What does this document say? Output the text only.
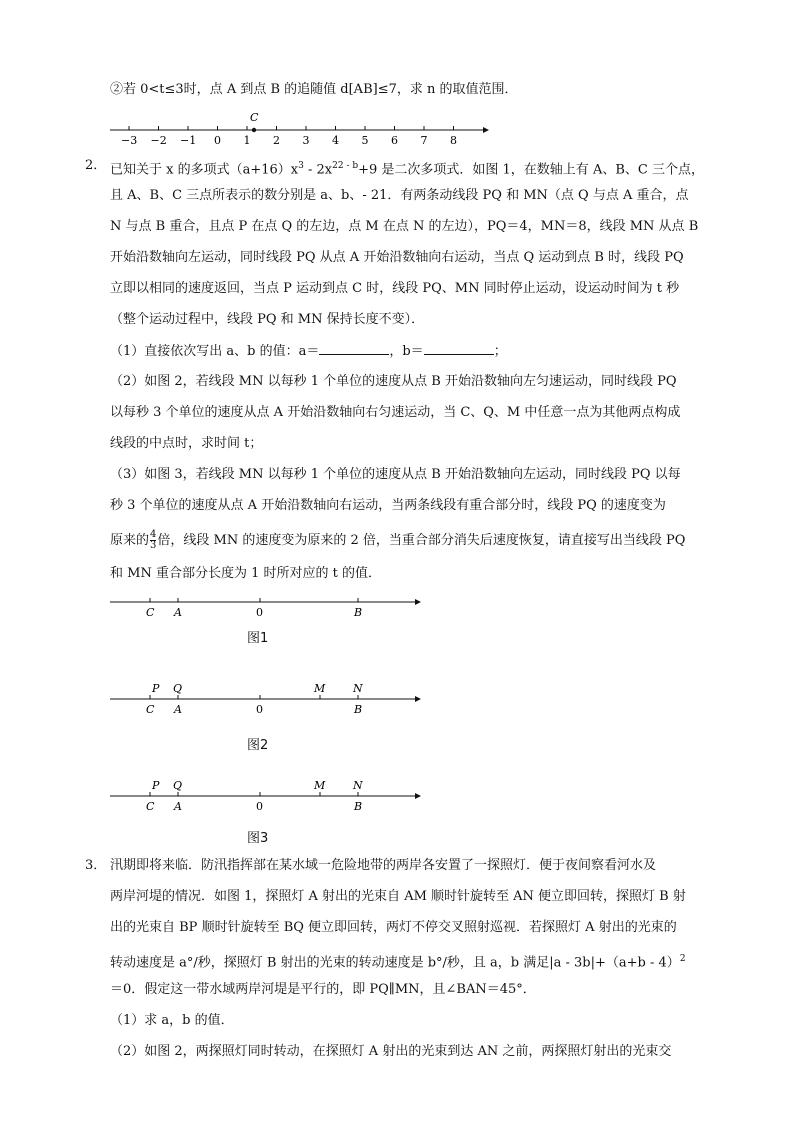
②若 0<t≤3时，点 A 到点 B 的追随值 d[AB]≤7，求 n 的取值范围．
−3 −2 −1 0 1 2 3 4 5 6 7 8
C
2． 已知关于 x 的多项式$(a+16)x^3 - 2x^{22 - b}+9$ 是二次多项式．如图 1，在数轴上有 A、B、C 三个点，
且 A、B、C 三点所表示的数分别是 a、b、- 21．有两条动线段 PQ 和 MN（点 Q 与点 A 重合，点
N 与点 B 重合，且点 P 在点 Q 的左边，点 M 在点 N 的左边），PQ＝4，MN＝8，线段 MN 从点 B
开始沿数轴向左运动，同时线段 PQ 从点 A 开始沿数轴向右运动，当点 Q 运动到点 B 时，线段 PQ
立即以相同的速度返回，当点 P 运动到点 C 时，线段 PQ、MN 同时停止运动，设运动时间为 t 秒
（整个运动过程中，线段 PQ 和 MN 保持长度不变）．
（1）直接依次写出 a、b 的值：a＝	，b＝	；
（2）如图 2，若线段 MN 以每秒 1 个单位的速度从点 B 开始沿数轴向左匀速运动，同时线段 PQ
以每秒 3 个单位的速度从点 A 开始沿数轴向右匀速运动，当 C、Q、M 中任意一点为其他两点构成
线段的中点时，求时间 t；
（3）如图 3，若线段 MN 以每秒 1 个单位的速度从点 B 开始沿数轴向左运动，同时线段 PQ 以每
秒 3 个单位的速度从点 A 开始沿数轴向右运动，当两条线段有重合部分时，线段 PQ 的速度变为
原来的 $\frac{4}{3}$ 倍，线段 MN 的速度变为原来的 2 倍，当重合部分消失后速度恢复，请直接写出当线段 PQ
和 MN 重合部分长度为 1 时所对应的 t 的值．
C A	0	B
图1
P Q	M	N
C A	0	B
图2
P Q	M	N
C A	0	B
图3
3． 汛期即将来临．防汛指挥部在某水域一危险地带的两岸各安置了一探照灯．便于夜间察看河水及
两岸河堤的情况．如图 1，探照灯 A 射出的光束自 AM 顺时针旋转至 AN 便立即回转，探照灯 B 射
出的光束自 BP 顺时针旋转至 BQ 便立即回转，两灯不停交叉照射巡视．若探照灯 A 射出的光束的
转动速度是 a°/秒，探照灯 B 射出的光束的转动速度是 b°/秒，且 a，b 满足$|a - 3b|+(a+b - 4)^2$
＝0．假定这一带水域两岸河堤是平行的，即 PQ∥MN，且∠BAN＝45°．
（1）求 a，b 的值．
（2）如图 2，两探照灯同时转动，在探照灯 A 射出的光束到达 AN 之前，两探照灯射出的光束交
